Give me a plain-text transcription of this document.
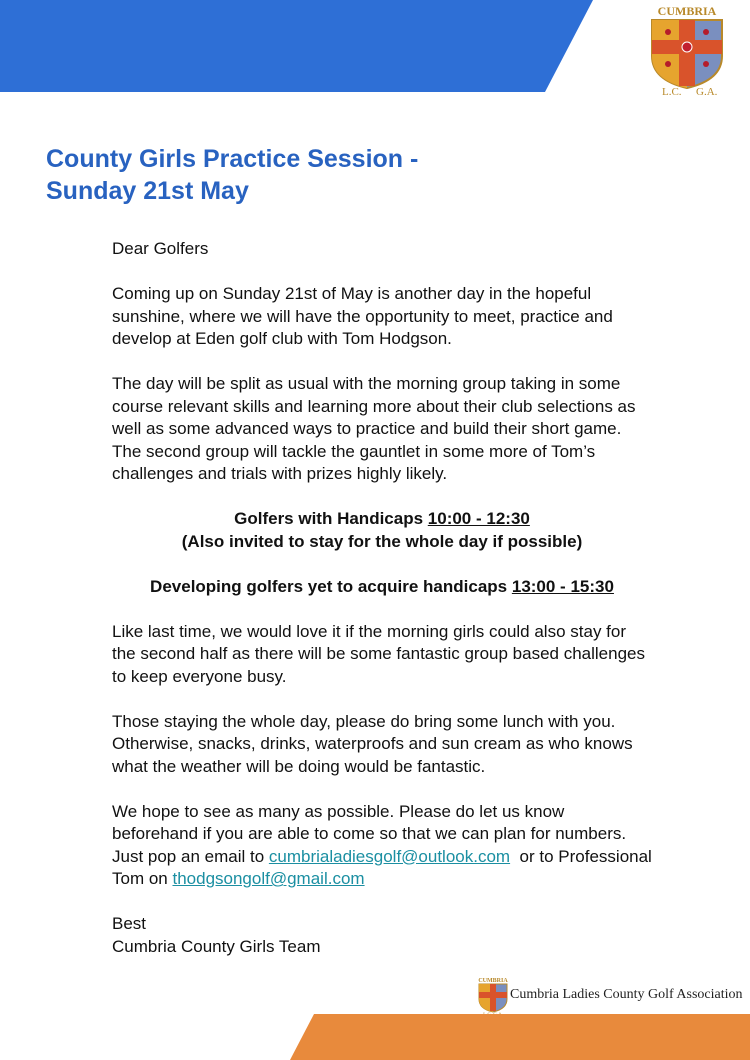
CUMBRIA
L.C. G.A.
County Girls Practice Session -
Sunday 21st May

Dear Golfers

Coming up on Sunday 21st of May is another day in the hopeful sunshine, where we will have the opportunity to meet, practice and develop at Eden golf club with Tom Hodgson.

The day will be split as usual with the morning group taking in some course relevant skills and learning more about their club selections as well as some advanced ways to practice and build their short game. The second group will tackle the gauntlet in some more of Tom’s challenges and trials with prizes highly likely.

Golfers with Handicaps 10:00 - 12:30
(Also invited to stay for the whole day if possible)

Developing golfers yet to acquire handicaps 13:00 - 15:30

Like last time, we would love it if the morning girls could also stay for the second half as there will be some fantastic group based challenges to keep everyone busy.

Those staying the whole day, please do bring some lunch with you. Otherwise, snacks, drinks, waterproofs and sun cream as who knows what the weather will be doing would be fantastic.

We hope to see as many as possible. Please do let us know beforehand if you are able to come so that we can plan for numbers. Just pop an email to cumbrialadiesgolf@outlook.com  or to Professional Tom on thodgsongolf@gmail.com

Best
Cumbria County Girls Team

CUMBRIA
Cumbria Ladies County Golf Association
